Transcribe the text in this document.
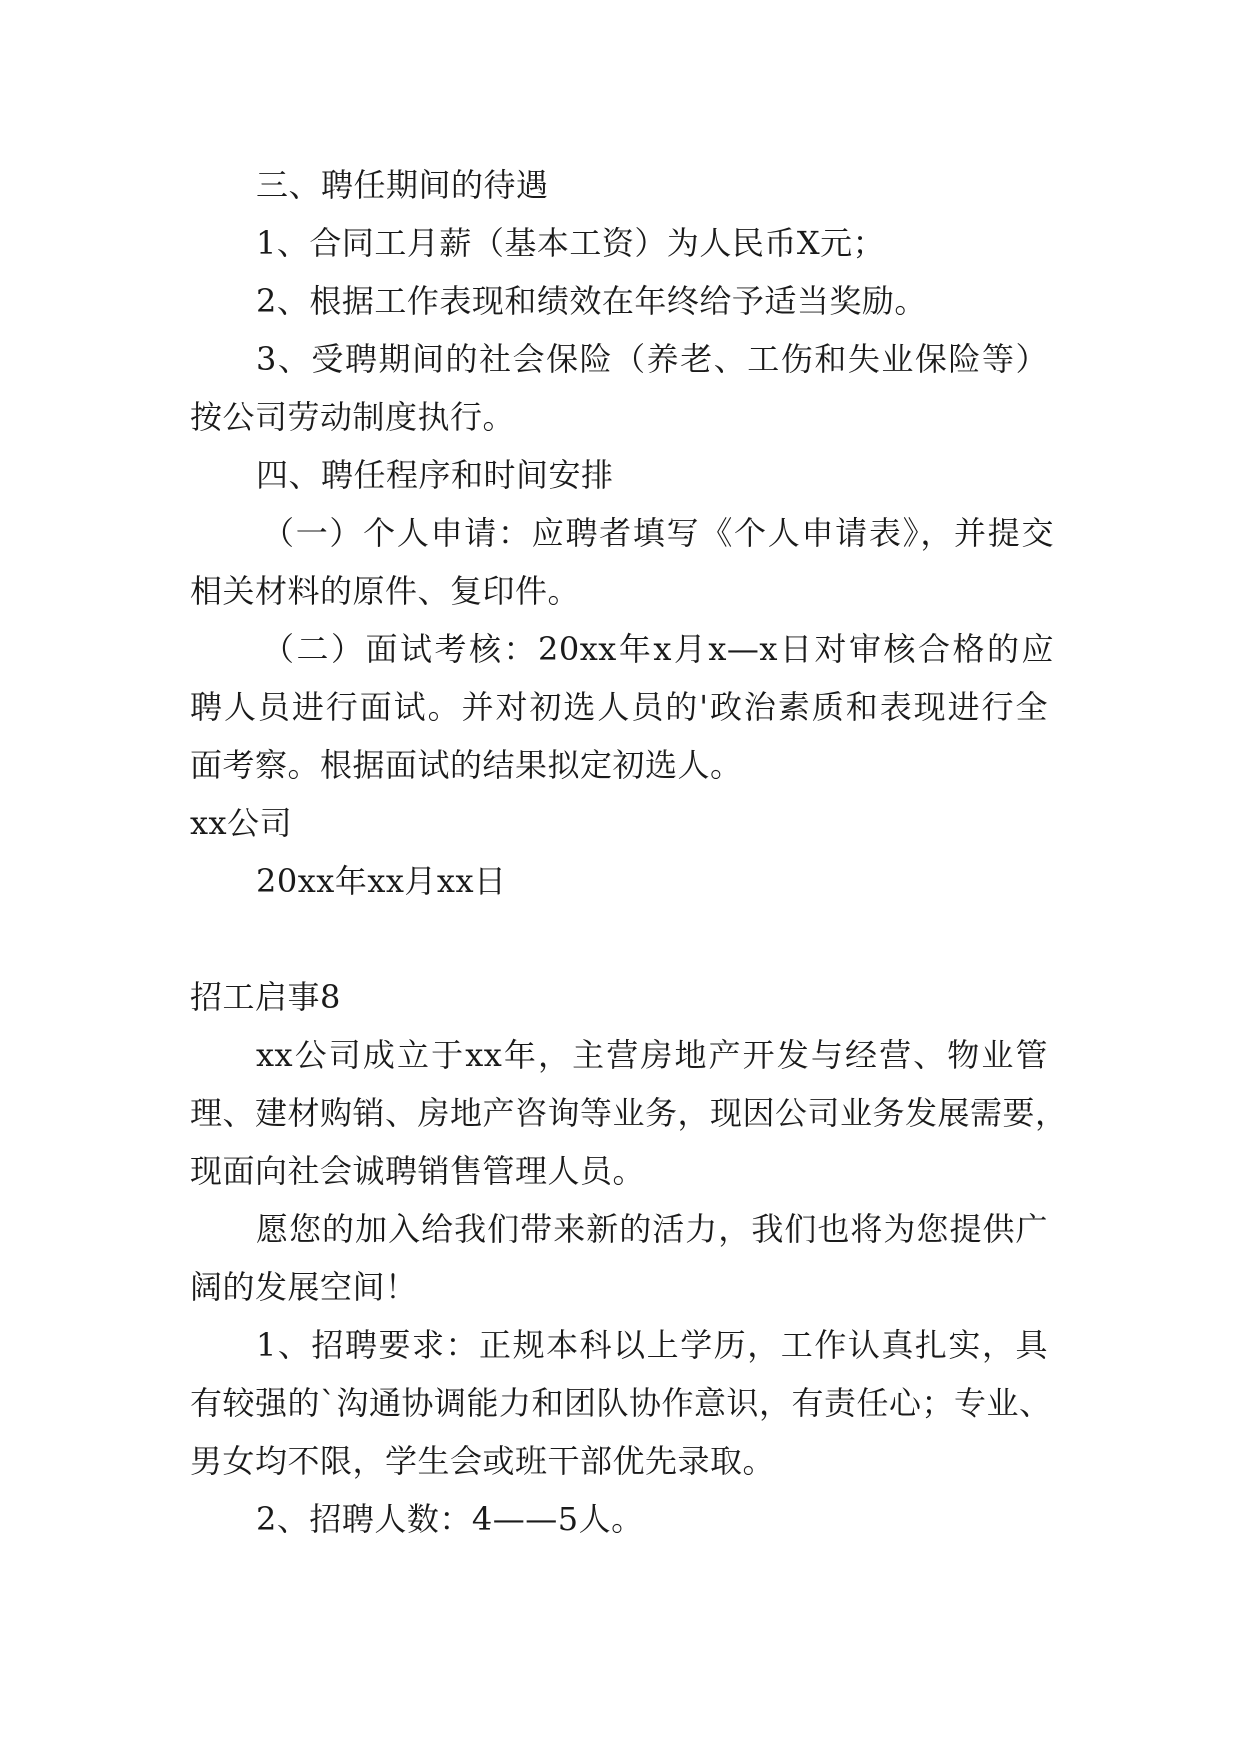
三、聘任期间的待遇
1、合同工月薪（基本工资）为人民币X元；
2、根据工作表现和绩效在年终给予适当奖励。
3、受聘期间的社会保险（养老、工伤和失业保险等）
按公司劳动制度执行。
四、聘任程序和时间安排
（一）个人申请：应聘者填写《个人申请表》，并提交
相关材料的原件、复印件。
（二）面试考核：20xx年x月x—x日对审核合格的应
聘人员进行面试。并对初选人员的'政治素质和表现进行全
面考察。根据面试的结果拟定初选人。
xx公司
20xx年xx月xx日
招工启事8
xx公司成立于xx年，主营房地产开发与经营、物业管
理、建材购销、房地产咨询等业务，现因公司业务发展需要，
现面向社会诚聘销售管理人员。
愿您的加入给我们带来新的活力，我们也将为您提供广
阔的发展空间！
1、招聘要求：正规本科以上学历，工作认真扎实，具
有较强的`沟通协调能力和团队协作意识，有责任心；专业、
男女均不限，学生会或班干部优先录取。
2、招聘人数：4——5人。
